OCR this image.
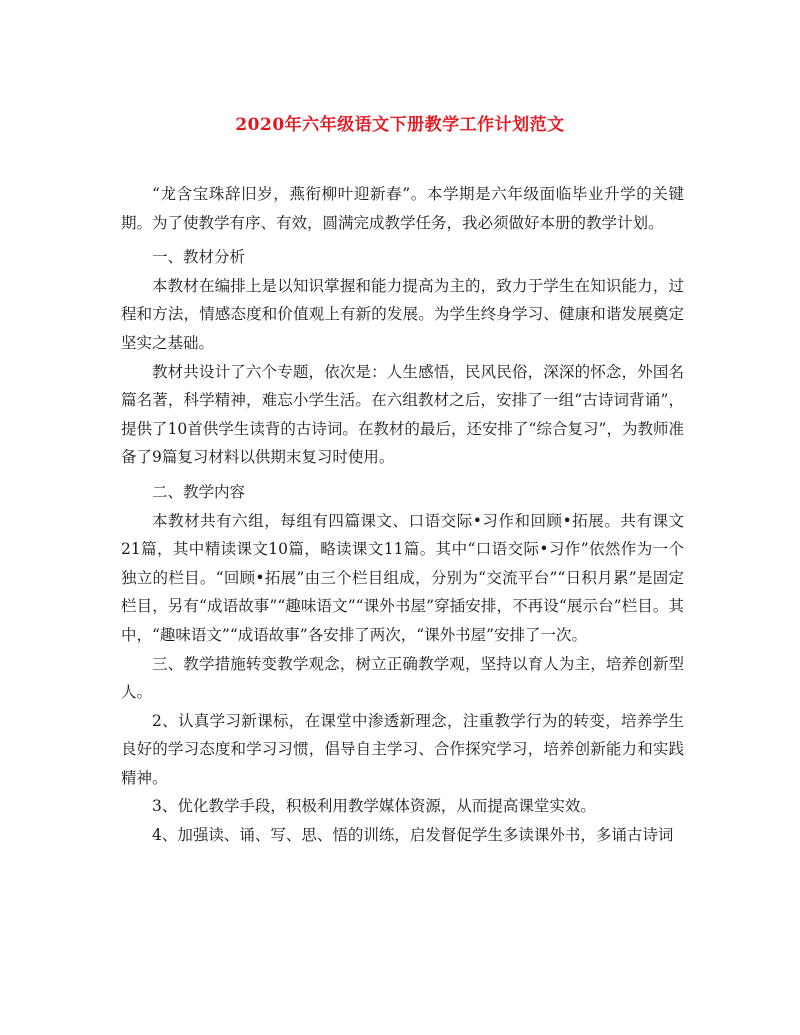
2020年六年级语文下册教学工作计划范文

“龙含宝珠辞旧岁，燕衔柳叶迎新春”。本学期是六年级面临毕业升学的关键期。为了使教学有序、有效，圆满完成教学任务，我必须做好本册的教学计划。

一、教材分析

本教材在编排上是以知识掌握和能力提高为主的，致力于学生在知识能力，过程和方法，情感态度和价值观上有新的发展。为学生终身学习、健康和谐发展奠定坚实之基础。

教材共设计了六个专题，依次是：人生感悟，民风民俗，深深的怀念，外国名篇名著，科学精神，难忘小学生活。在六组教材之后，安排了一组“古诗词背诵”，提供了10首供学生读背的古诗词。在教材的最后，还安排了“综合复习”，为教师准备了9篇复习材料以供期末复习时使用。

二、教学内容

本教材共有六组，每组有四篇课文、口语交际•习作和回顾•拓展。共有课文21篇，其中精读课文10篇，略读课文11篇。其中“口语交际•习作”依然作为一个独立的栏目。“回顾•拓展”由三个栏目组成，分别为“交流平台”“日积月累”是固定栏目，另有“成语故事”“趣味语文”“课外书屋”穿插安排，不再设“展示台”栏目。其中，“趣味语文”“成语故事”各安排了两次，“课外书屋”安排了一次。

三、教学措施转变教学观念，树立正确教学观，坚持以育人为主，培养创新型人。

2、认真学习新课标，在课堂中渗透新理念，注重教学行为的转变，培养学生良好的学习态度和学习习惯，倡导自主学习、合作探究学习，培养创新能力和实践精神。

3、优化教学手段，积极利用教学媒体资源，从而提高课堂实效。

4、加强读、诵、写、思、悟的训练，启发督促学生多读课外书，多诵古诗词
